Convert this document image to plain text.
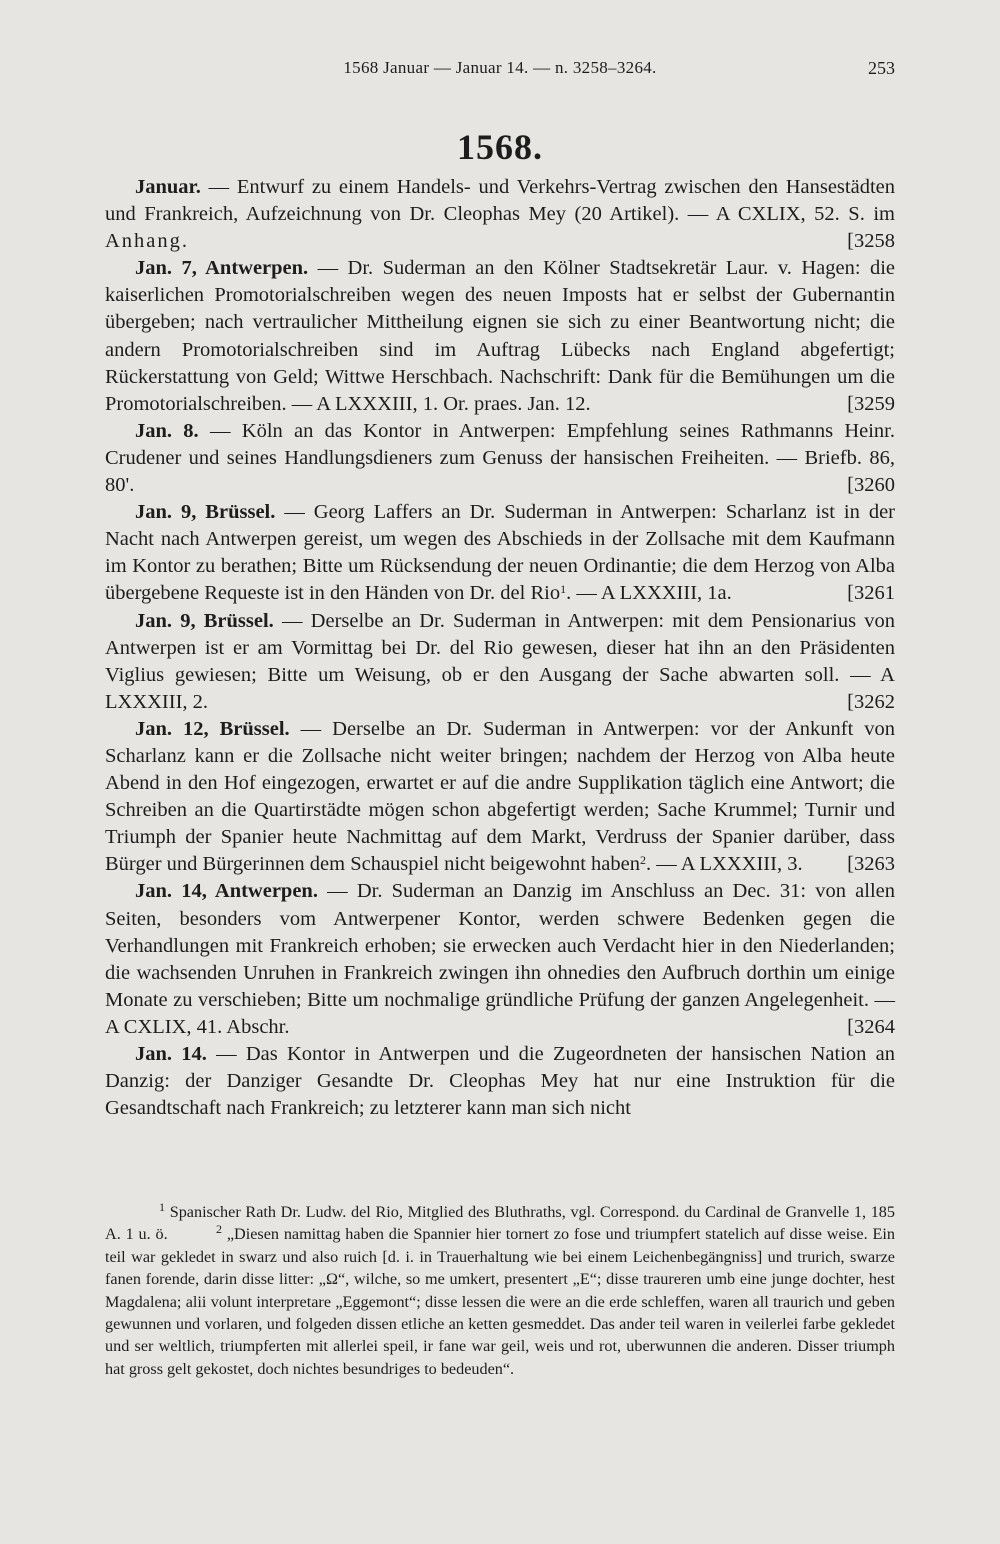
1568 Januar — Januar 14. — n. 3258–3264.	253
1568.

Januar. — Entwurf zu einem Handels- und Verkehrs-Vertrag zwischen den Hansestädten und Frankreich, Aufzeichnung von Dr. Cleophas Mey (20 Artikel). — A CXLIX, 52. S. im Anhang.	[3258

Jan. 7, Antwerpen. — Dr. Suderman an den Kölner Stadtsekretär Laur. v. Hagen: die kaiserlichen Promotorialschreiben wegen des neuen Imposts hat er selbst der Gubernantin übergeben; nach vertraulicher Mittheilung eignen sie sich zu einer Beantwortung nicht; die andern Promotorialschreiben sind im Auftrag Lübecks nach England abgefertigt; Rückerstattung von Geld; Wittwe Herschbach. Nachschrift: Dank für die Bemühungen um die Promotorialschreiben. — A LXXXIII, 1. Or. praes. Jan. 12.	[3259

Jan. 8. — Köln an das Kontor in Antwerpen: Empfehlung seines Rathmanns Heinr. Crudener und seines Handlungsdieners zum Genuss der hansischen Freiheiten. — Briefb. 86, 80'.	[3260

Jan. 9, Brüssel. — Georg Laffers an Dr. Suderman in Antwerpen: Scharlanz ist in der Nacht nach Antwerpen gereist, um wegen des Abschieds in der Zollsache mit dem Kaufmann im Kontor zu berathen; Bitte um Rücksendung der neuen Ordinantie; die dem Herzog von Alba übergebene Requeste ist in den Händen von Dr. del Rio$^1$. — A LXXXIII, 1a.	[3261

Jan. 9, Brüssel. — Derselbe an Dr. Suderman in Antwerpen: mit dem Pensionarius von Antwerpen ist er am Vormittag bei Dr. del Rio gewesen, dieser hat ihn an den Präsidenten Viglius gewiesen; Bitte um Weisung, ob er den Ausgang der Sache abwarten soll. — A LXXXIII, 2.	[3262

Jan. 12, Brüssel. — Derselbe an Dr. Suderman in Antwerpen: vor der Ankunft von Scharlanz kann er die Zollsache nicht weiter bringen; nachdem der Herzog von Alba heute Abend in den Hof eingezogen, erwartet er auf die andre Supplikation täglich eine Antwort; die Schreiben an die Quartirstädte mögen schon abgefertigt werden; Sache Krummel; Turnir und Triumph der Spanier heute Nachmittag auf dem Markt, Verdruss der Spanier darüber, dass Bürger und Bürgerinnen dem Schauspiel nicht beigewohnt haben$^2$. — A LXXXIII, 3. [3263

Jan. 14, Antwerpen. — Dr. Suderman an Danzig im Anschluss an Dec. 31: von allen Seiten, besonders vom Antwerpener Kontor, werden schwere Bedenken gegen die Verhandlungen mit Frankreich erhoben; sie erwecken auch Verdacht hier in den Niederlanden; die wachsenden Unruhen in Frankreich zwingen ihn ohnedies den Aufbruch dorthin um einige Monate zu verschieben; Bitte um nochmalige gründliche Prüfung der ganzen Angelegenheit. — A CXLIX, 41. Abschr.	[3264

Jan. 14. — Das Kontor in Antwerpen und die Zugeordneten der hansischen Nation an Danzig: der Danziger Gesandte Dr. Cleophas Mey hat nur eine Instruktion für die Gesandtschaft nach Frankreich; zu letzterer kann man sich nicht

$^1$ Spanischer Rath Dr. Ludw. del Rio, Mitglied des Bluthraths, vgl. Correspond. du Cardinal de Granvelle 1, 185 A. 1 u. ö.	$^2$ „Diesen namittag haben die Spannier hier tornert zo fose und triumpfert statelich auf disse weise. Ein teil war gekledet in swarz und also ruich [d. i. in Trauerhaltung wie bei einem Leichenbegängniss] und trurich, swarze fanen forende, darin disse litter: „Ω“, wilche, so me umkert, presentert „E“; disse traureren umb eine junge dochter, hest Magdalena; alii volunt interpretare „Eggemont“; disse lessen die were an die erde schleffen, waren all traurich und geben gewunnen und vorlaren, und folgeden dissen etliche an ketten gesmeddet. Das ander teil waren in veilerlei farbe gekledet und ser weltlich, triumpferten mit allerlei speil, ir fane war geil, weis und rot, uberwunnen die anderen. Disser triumph hat gross gelt gekostet, doch nichtes besundriges to bedeuden“.
